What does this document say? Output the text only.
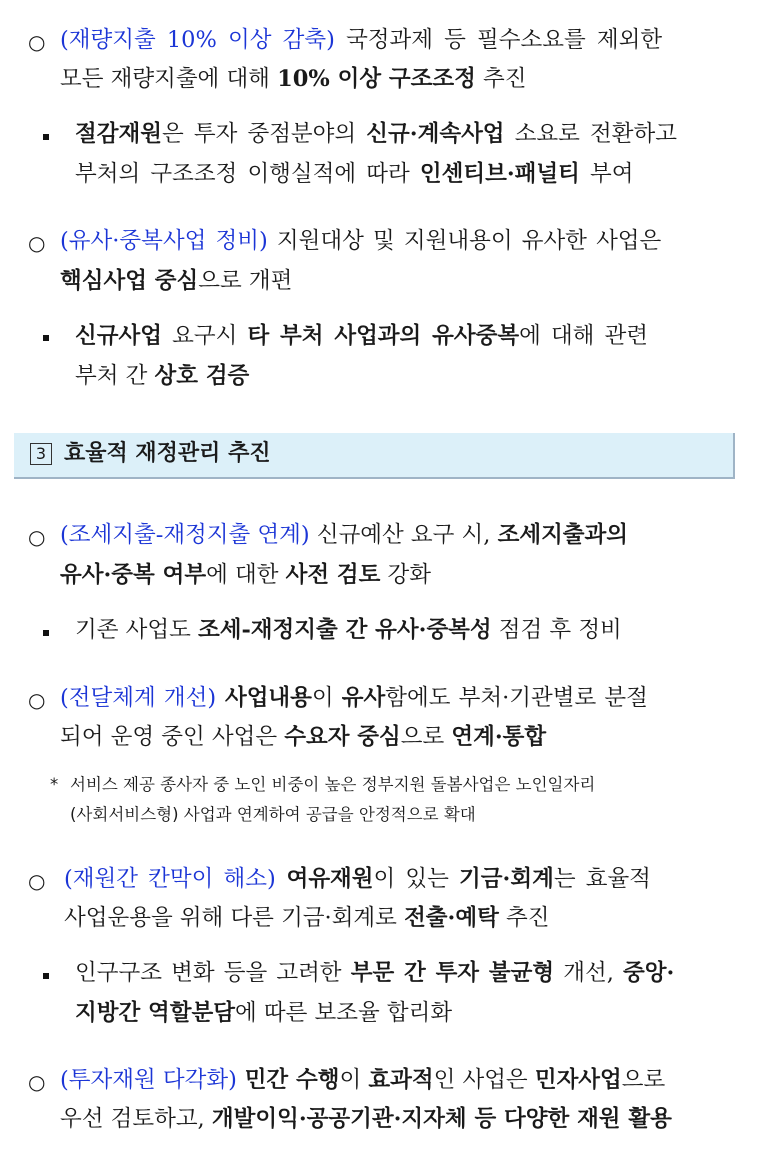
○ (재량지출 10% 이상 감축) 국정과제 등 필수소요를 제외한
모든 재량지출에 대해 10% 이상 구조조정 추진
절감재원은 투자 중점분야의 신규·계속사업 소요로 전환하고
부처의 구조조정 이행실적에 따라 인센티브·패널티 부여
○ (유사·중복사업 정비) 지원대상 및 지원내용이 유사한 사업은
핵심사업 중심으로 개편
신규사업 요구시 타 부처 사업과의 유사중복에 대해 관련
부처 간 상호 검증
3 효율적 재정관리 추진
○ (조세지출-재정지출 연계) 신규예산 요구 시, 조세지출과의
유사·중복 여부에 대한 사전 검토 강화
기존 사업도 조세-재정지출 간 유사·중복성 점검 후 정비
○ (전달체계 개선) 사업내용이 유사함에도 부처·기관별로 분절
되어 운영 중인 사업은 수요자 중심으로 연계·통합
* 서비스 제공 종사자 중 노인 비중이 높은 정부지원 돌봄사업은 노인일자리
(사회서비스형) 사업과 연계하여 공급을 안정적으로 확대
○ (재원간 칸막이 해소) 여유재원이 있는 기금·회계는 효율적
사업운용을 위해 다른 기금·회계로 전출·예탁 추진
인구구조 변화 등을 고려한 부문 간 투자 불균형 개선, 중앙·
지방간 역할분담에 따른 보조율 합리화
○ (투자재원 다각화) 민간 수행이 효과적인 사업은 민자사업으로
우선 검토하고, 개발이익·공공기관·지자체 등 다양한 재원 활용
